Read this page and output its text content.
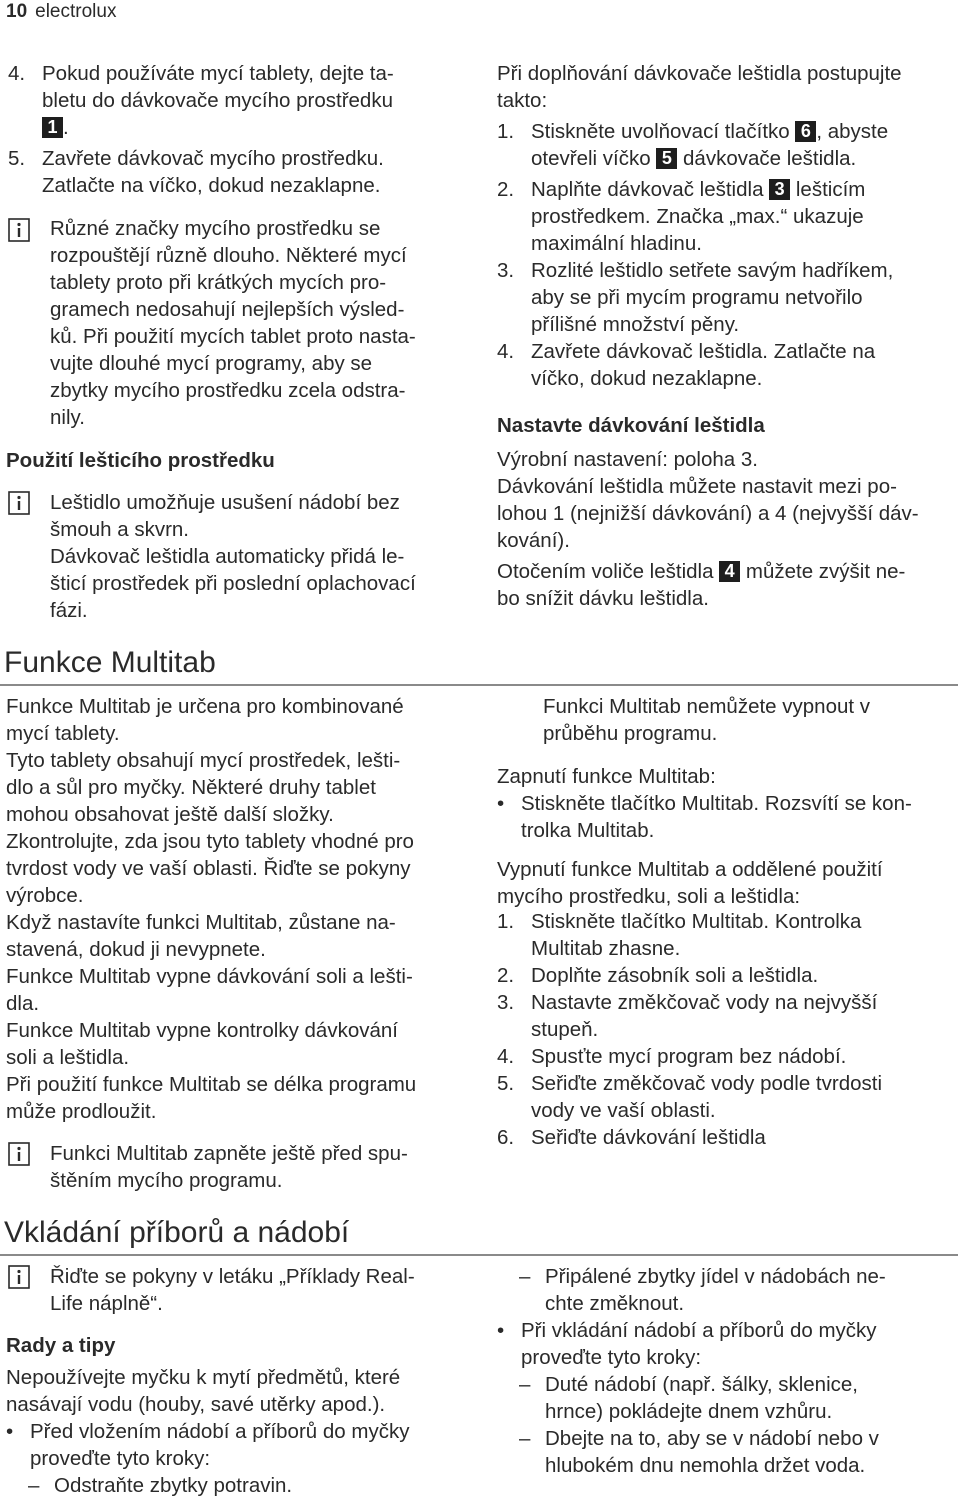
10 electrolux
4. Pokud používáte mycí tablety, dejte ta-
bletu do dávkovače mycího prostředku
1 .
5. Zavřete dávkovač mycího prostředku.
Zatlačte na víčko, dokud nezaklapne.
Různé značky mycího prostředku se
rozpouštějí různě dlouho. Některé mycí
tablety proto při krátkých mycích pro-
gramech nedosahují nejlepších výsled-
ků. Při použití mycích tablet proto nasta-
vujte dlouhé mycí programy, aby se
zbytky mycího prostředku zcela odstra-
nily.
Použití lešticího prostředku
Leštidlo umožňuje usušení nádobí bez
šmouh a skvrn.
Dávkovač leštidla automaticky přidá le-
šticí prostředek při poslední oplachovací
fázi.
Při doplňování dávkovače leštidla postupujte
takto:
1. Stiskněte uvolňovací tlačítko 6 , abyste
otevřeli víčko 5 dávkovače leštidla.
2. Naplňte dávkovač leštidla 3 lešticím
prostředkem. Značka „max.“ ukazuje
maximální hladinu.
3. Rozlité leštidlo setřete savým hadříkem,
aby se při mycím programu netvořilo
přílišné množství pěny.
4. Zavřete dávkovač leštidla. Zatlačte na
víčko, dokud nezaklapne.
Nastavte dávkování leštidla
Výrobní nastavení: poloha 3.
Dávkování leštidla můžete nastavit mezi po-
lohou 1 (nejnižší dávkování) a 4 (nejvyšší dáv-
kování).
Otočením voliče leštidla 4 můžete zvýšit ne-
bo snížit dávku leštidla.
Funkce Multitab
Funkce Multitab je určena pro kombinované
mycí tablety.
Tyto tablety obsahují mycí prostředek, lešti-
dlo a sůl pro myčky. Některé druhy tablet
mohou obsahovat ještě další složky.
Zkontrolujte, zda jsou tyto tablety vhodné pro
tvrdost vody ve vaší oblasti. Řiďte se pokyny
výrobce.
Když nastavíte funkci Multitab, zůstane na-
stavená, dokud ji nevypnete.
Funkce Multitab vypne dávkování soli a lešti-
dla.
Funkce Multitab vypne kontrolky dávkování
soli a leštidla.
Při použití funkce Multitab se délka programu
může prodloužit.
Funkci Multitab zapněte ještě před spu-
štěním mycího programu.
Funkci Multitab nemůžete vypnout v
průběhu programu.
Zapnutí funkce Multitab:
• Stiskněte tlačítko Multitab. Rozsvítí se kon-
trolka Multitab.
Vypnutí funkce Multitab a oddělené použití
mycího prostředku, soli a leštidla:
1. Stiskněte tlačítko Multitab. Kontrolka
Multitab zhasne.
2. Doplňte zásobník soli a leštidla.
3. Nastavte změkčovač vody na nejvyšší
stupeň.
4. Spusťte mycí program bez nádobí.
5. Seřiďte změkčovač vody podle tvrdosti
vody ve vaší oblasti.
6. Seřiďte dávkování leštidla
Vkládání příborů a nádobí
Řiďte se pokyny v letáku „Příklady Real-
Life náplně“.
Rady a tipy
Nepoužívejte myčku k mytí předmětů, které
nasávají vodu (houby, savé utěrky apod.).
• Před vložením nádobí a příborů do myčky
proveďte tyto kroky:
– Odstraňte zbytky potravin.
– Připálené zbytky jídel v nádobách ne-
chte změknout.
• Při vkládání nádobí a příborů do myčky
proveďte tyto kroky:
– Duté nádobí (např. šálky, sklenice,
hrnce) pokládejte dnem vzhůru.
– Dbejte na to, aby se v nádobí nebo v
hlubokém dnu nemohla držet voda.
